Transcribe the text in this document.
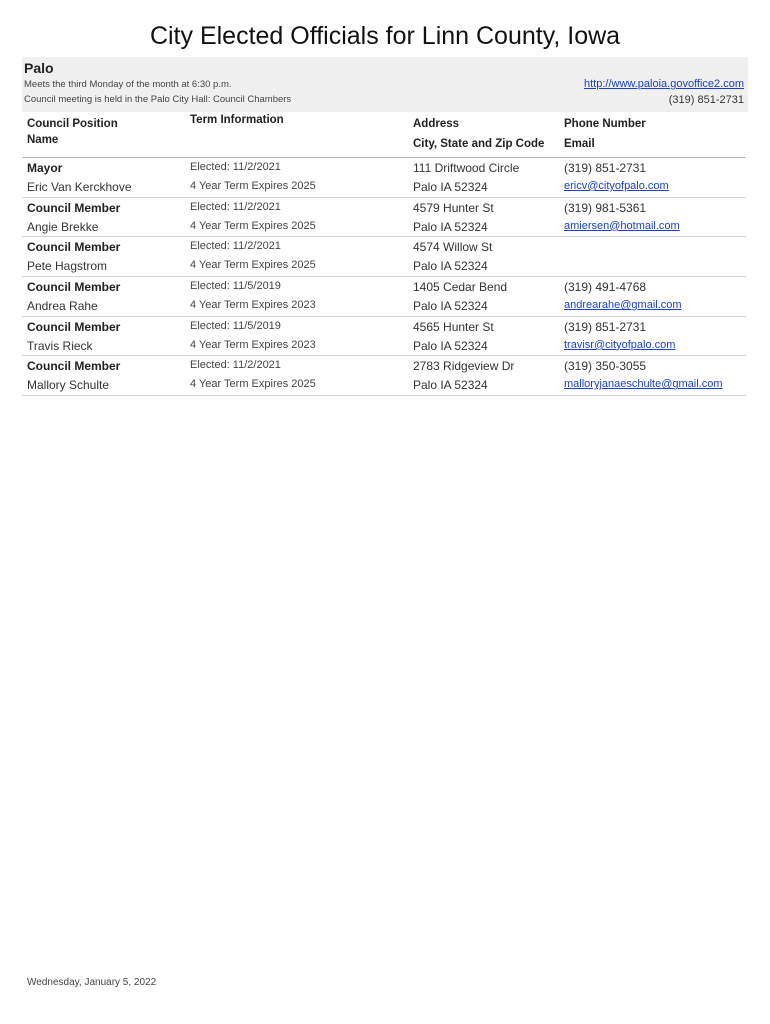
City Elected Officials for Linn County, Iowa
Palo
Meets the third Monday of the month at 6:30 p.m.
Council meeting is held in the Palo City Hall: Council Chambers
http://www.paloia.govoffice2.com
(319) 851-2731
Council Position
Name
Term Information	Address
City, State and Zip Code
Phone Number
Email
Mayor
Eric Van Kerckhove
Elected: 11/2/2021
4 Year Term Expires 2025
111 Driftwood Circle
Palo IA 52324
(319) 851-2731
ericv@cityofpalo.com
Council Member
Angie Brekke
Elected: 11/2/2021
4 Year Term Expires 2025
4579 Hunter St
Palo IA 52324
(319) 981-5361
amiersen@hotmail.com
Council Member
Pete Hagstrom
Elected: 11/2/2021
4 Year Term Expires 2025
4574 Willow St
Palo IA 52324
Council Member
Andrea Rahe
Elected: 11/5/2019
4 Year Term Expires 2023
1405 Cedar Bend
Palo IA 52324
(319) 491-4768
andrearahe@gmail.com
Council Member
Travis Rieck
Elected: 11/5/2019
4 Year Term Expires 2023
4565 Hunter St
Palo IA 52324
(319) 851-2731
travisr@cityofpalo.com
Council Member
Mallory Schulte
Elected: 11/2/2021
4 Year Term Expires 2025
2783 Ridgeview Dr
Palo IA 52324
(319) 350-3055
malloryjanaeschulte@gmail.com
Wednesday, January 5, 2022
